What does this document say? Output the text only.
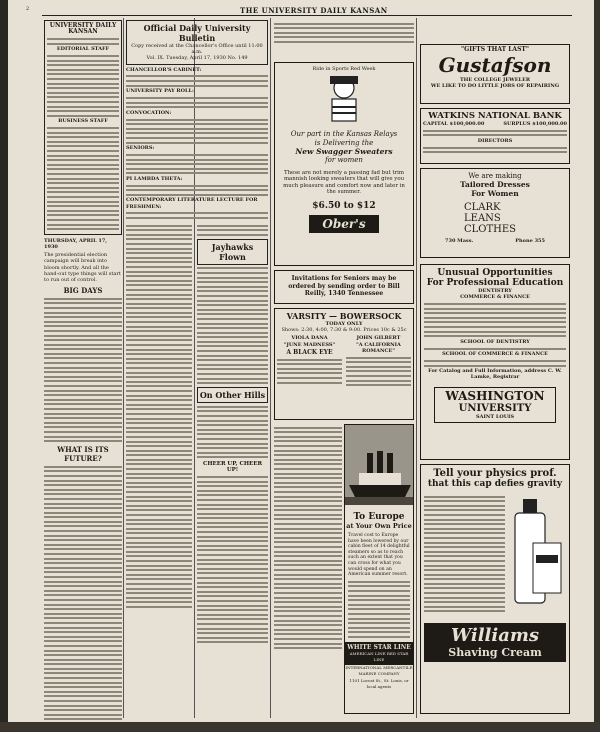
2	THE UNIVERSITY DAILY KANSAN
UNIVERSITY DAILY KANSAN
EDITORIAL STAFF
BUSINESS STAFF
THURSDAY, APRIL 17, 1930
The presidential election campaign will break into bloom shortly. And all the hand-out type things will start to run out of control.
BIG DAYS
WHAT IS ITS FUTURE?
Official Daily University Bulletin
Copy received at the Chancellor's Office until 11:00 a.m.
Vol. IX. Tuesday, April 17, 1930 No. 149
CHANCELLOR'S CABINET:
UNIVERSITY PAY ROLL:
CONVOCATION:
SENIORS:
PI LAMBDA THETA:
CONTEMPORARY LITERATURE LECTURE FOR FRESHMEN:
Jayhawks Flown
On Other Hills
CHEER UP, CHEER UP!
Ride in Sports Red Week
Our part in the Kansas Relays
is Delivering the
New Swagger Sweaters
for women
These are not merely a passing fad but trim mannish looking sweaters that will give you much pleasure and comfort now and later in the summer.
$6.50 to $12
Ober's
Invitations for Seniors may be ordered by sending order to Bill Reilly, 1340 Tennessee
VARSITY — BOWERSOCK
TODAY ONLY
Shows: 2:30, 4:00, 7:30 & 9:00. Prices 10c & 25c
VIOLA DANA
"JUNE MADNESS"
A BLACK EYE
JOHN GILBERT
"A CALIFORNIA ROMANCE"
To Europe
at Your Own Price
Travel cost to Europe have been lowered by our cabin fleet of 14 delightful steamers so as to reach such an extent that you can cross for what you would spend on an American summer resort.
WHITE STAR LINE
AMERICAN LINE RED STAR LINE
INTERNATIONAL MERCANTILE MARINE COMPANY
1101 Locust St., St. Louis, or local agents
"GIFTS THAT LAST"
Gustafson
THE COLLEGE JEWELER
WE LIKE TO DO LITTLE JOBS OF REPAIRING
WATKINS NATIONAL BANK
CAPITAL $100,000.00	SURPLUS $100,000.00
DIRECTORS
We are making
Tailored Dresses
For Women
CLARK
LEANS
CLOTHES
730 Mass.	Phone 355
Unusual Opportunities
For Professional Education
DENTISTRY
COMMERCE & FINANCE
SCHOOL OF DENTISTRY
SCHOOL OF COMMERCE & FINANCE
For Catalog and Full Information, address C. W. Lamke, Registrar
WASHINGTON
UNIVERSITY
SAINT LOUIS
Tell your physics prof.
that this cap defies gravity
Williams
Shaving Cream
